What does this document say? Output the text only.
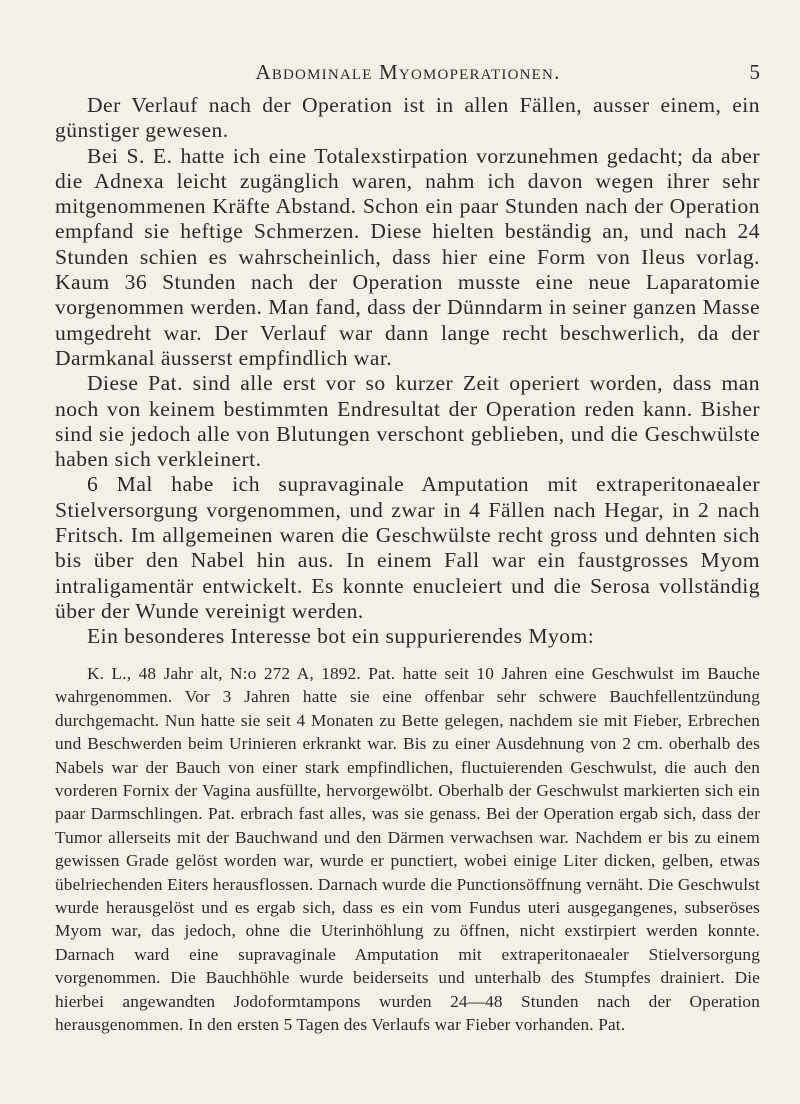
Abdominale Myomoperationen.	5

Der Verlauf nach der Operation ist in allen Fällen, ausser einem, ein günstiger gewesen.

Bei S. E. hatte ich eine Totalexstirpation vorzunehmen gedacht; da aber die Adnexa leicht zugänglich waren, nahm ich davon wegen ihrer sehr mitgenommenen Kräfte Abstand. Schon ein paar Stunden nach der Operation empfand sie heftige Schmerzen. Diese hielten beständig an, und nach 24 Stunden schien es wahrscheinlich, dass hier eine Form von Ileus vorlag. Kaum 36 Stunden nach der Operation musste eine neue Laparatomie vorgenommen werden. Man fand, dass der Dünndarm in seiner ganzen Masse umgedreht war. Der Verlauf war dann lange recht beschwerlich, da der Darmkanal äusserst empfindlich war.

Diese Pat. sind alle erst vor so kurzer Zeit operiert worden, dass man noch von keinem bestimmten Endresultat der Operation reden kann. Bisher sind sie jedoch alle von Blutungen verschont geblieben, und die Geschwülste haben sich verkleinert.

6 Mal habe ich supravaginale Amputation mit extraperitonaealer Stielversorgung vorgenommen, und zwar in 4 Fällen nach Hegar, in 2 nach Fritsch. Im allgemeinen waren die Geschwülste recht gross und dehnten sich bis über den Nabel hin aus. In einem Fall war ein faustgrosses Myom intraligamentär entwickelt. Es konnte enucleiert und die Serosa vollständig über der Wunde vereinigt werden.

Ein besonderes Interesse bot ein suppurierendes Myom:

K. L., 48 Jahr alt, N:o 272 A, 1892. Pat. hatte seit 10 Jahren eine Geschwulst im Bauche wahrgenommen. Vor 3 Jahren hatte sie eine offenbar sehr schwere Bauchfellentzündung durchgemacht. Nun hatte sie seit 4 Monaten zu Bette gelegen, nachdem sie mit Fieber, Erbrechen und Beschwerden beim Urinieren erkrankt war. Bis zu einer Ausdehnung von 2 cm. oberhalb des Nabels war der Bauch von einer stark empfindlichen, fluctuierenden Geschwulst, die auch den vorderen Fornix der Vagina ausfüllte, hervorgewölbt. Oberhalb der Geschwulst markierten sich ein paar Darmschlingen. Pat. erbrach fast alles, was sie genass. Bei der Operation ergab sich, dass der Tumor allerseits mit der Bauchwand und den Därmen verwachsen war. Nachdem er bis zu einem gewissen Grade gelöst worden war, wurde er punctiert, wobei einige Liter dicken, gelben, etwas übelriechenden Eiters herausflossen. Darnach wurde die Punctionsöffnung vernäht. Die Geschwulst wurde herausgelöst und es ergab sich, dass es ein vom Fundus uteri ausgegangenes, subseröses Myom war, das jedoch, ohne die Uterinhöhlung zu öffnen, nicht exstirpiert werden konnte. Darnach ward eine supravaginale Amputation mit extraperitonaealer Stielversorgung vorgenommen. Die Bauchhöhle wurde beiderseits und unterhalb des Stumpfes drainiert. Die hierbei angewandten Jodoformtampons wurden 24—48 Stunden nach der Operation herausgenommen. In den ersten 5 Tagen des Verlaufs war Fieber vorhanden. Pat.
